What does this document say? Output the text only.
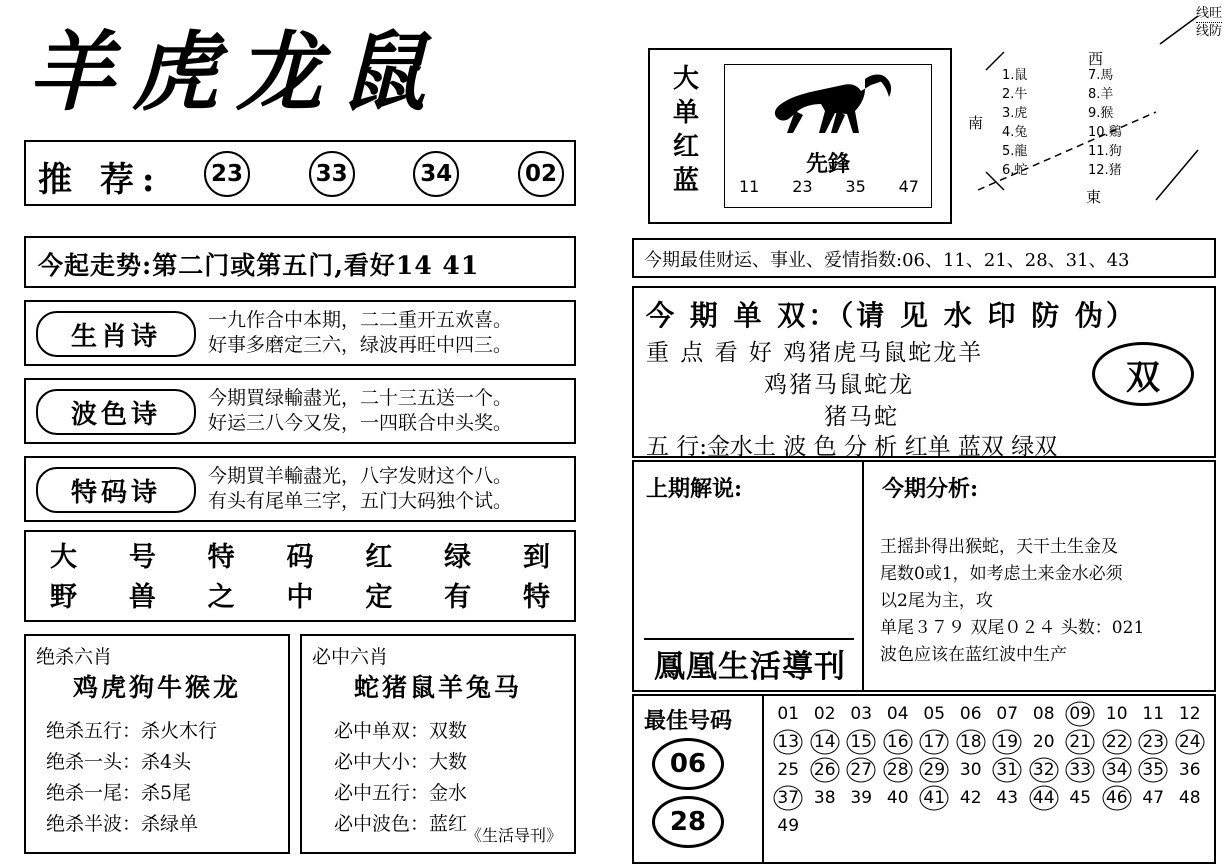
羊虎龙鼠
推 荐:	23	33	34	02
今起走势:第二门或第五门,看好14 41
生肖诗
一九作合中本期，二二重开五欢喜。
好事多磨定三六，绿波再旺中四三。
波色诗
今期買绿輸盡光，二十三五送一个。
好运三八今又发，一四联合中头奖。
特码诗
今期買羊輸盡光，八字发财这个八。
有头有尾单三字，五门大码独个试。
大 号 特 码 红 绿 到
野 兽 之 中 定 有 特
绝杀六肖
鸡虎狗牛猴龙
绝杀五行：杀火木行
绝杀一头：杀4头
绝杀一尾：杀5尾
绝杀半波：杀绿单
必中六肖
蛇猪鼠羊兔马
必中单双：双数
必中大小：大数
必中五行：金水
必中波色：蓝红
《生活导刊》
大单红蓝
先鋒
11 23 35 47
线旺
线防
西
南
東
1.鼠
2.牛
3.虎
4.兔
5.龍
6.蛇
7.馬
8.羊
9.猴
10.鷄
11.狗
12.猪
今期最佳财运、事业、爱情指数:06、11、21、28、31、43
今 期 单 双：（请 见 水 印 防 伪）
重 点 看 好 鸡猪虎马鼠蛇龙羊
鸡猪马鼠蛇龙
猪马蛇
五 行:金水土 波 色 分 析 红单 蓝双 绿双
双
上期解说:	今期分析:
王摇卦得出猴蛇，天干土生金及
尾数0或1，如考虑土来金水必须
以2尾为主，攻
单尾３７９ 双尾０２４ 头数：021
波色应该在蓝红波中生产
鳳凰生活導刊
最佳号码
06
28
01 02 03 04 05 06 07 08 09 10 11 12
13 14 15 16 17 18 19 20 21 22 23 24
25 26 27 28 29 30 31 32 33 34 35 36
37 38 39 40 41 42 43 44 45 46 47 48
49
